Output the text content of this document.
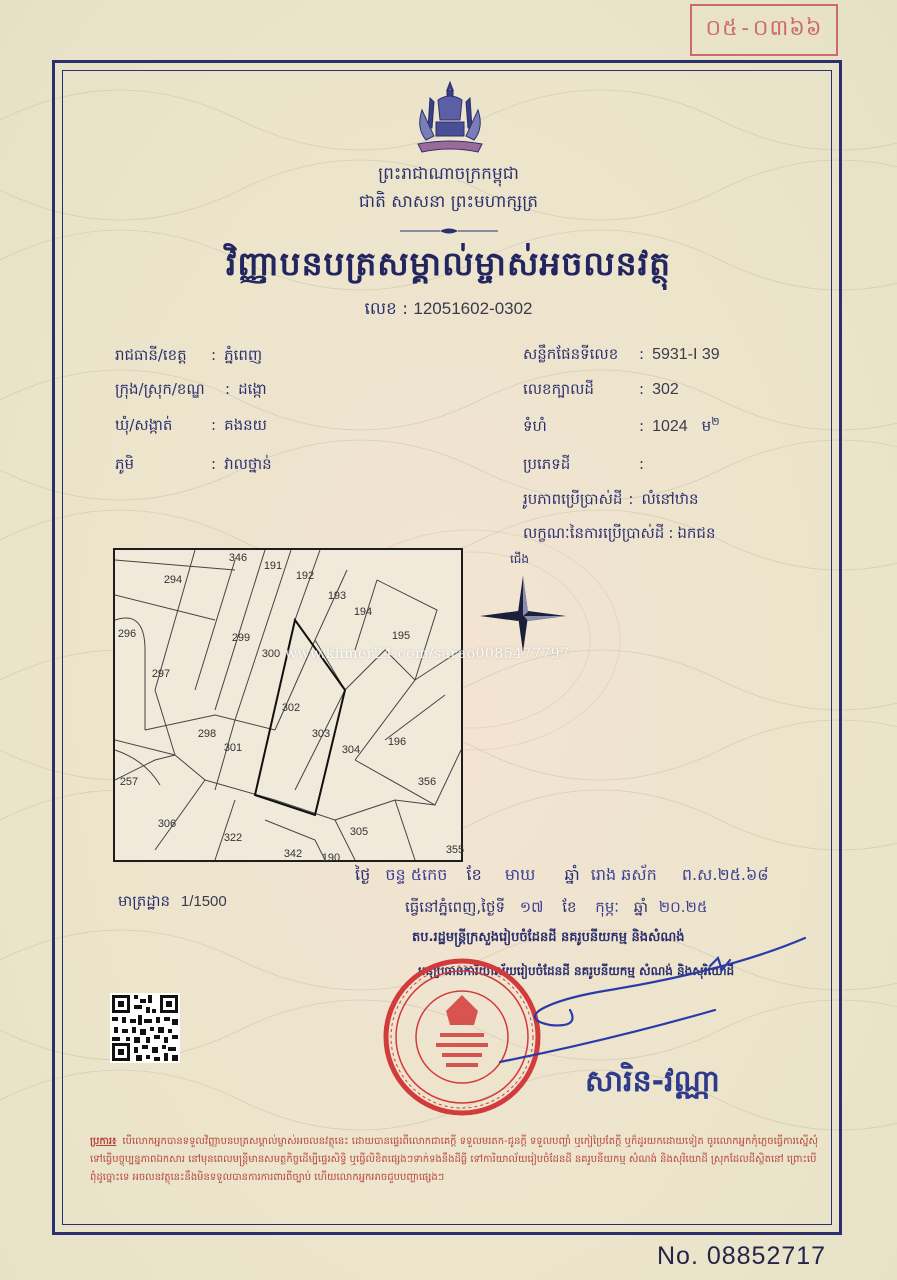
០៥-០៣៦៦
ព្រះរាជាណាចក្រកម្ពុជា
ជាតិ សាសនា ព្រះមហាក្សត្រ
វិញ្ញាបនបត្រសម្គាល់ម្ចាស់អចលនវត្ថុ
លេខ : 12051602-0302
រាជធានី/ខេត្ត : ភ្នំពេញ
ក្រុង/ស្រុក/ខណ្ឌ : ដង្កោ
ឃុំ/សង្កាត់	: គងនយ
ភូមិ	: វាលថ្នាន់
សន្លឹកផែនទីលេខ : 5931-I 39
លេខក្បាលដី	: 302
ទំហំ	: 1024 ម$^២$
ប្រភេទដី	:
រូបភាពប្រើប្រាស់ដី : លំនៅឋាន
លក្ខណៈនៃការប្រើប្រាស់ដី : ឯកជន
346
191
192
294
193
194
195
296	299
300
297
302
303
298
301	304
196
257	356
306
322	305
342 190
355
ជើង
www.khmer24.com/sarao0085477797
មាត្រដ្ឋាន 1/1500
ថ្ងៃ ចន្ទ ៥កេច ខែ មាឃ ឆ្នាំ រោង ឆស័ក ព.ស.២៥.៦៨
ធ្វើនៅភ្នំពេញ,ថ្ងៃទី ១៧ ខែ កុម្ភៈ ឆ្នាំ ២០.២៥
តប.រដ្ឋមន្ត្រីក្រសួងរៀបចំដែនដី នគរូបនីយកម្ម និងសំណង់
អនុប្រធានការិយាល័យរៀបចំដែនដី នគរូបនីយកម្ម សំណង់ និងសុរិយោដី
សារិន-វណ្ណា
ប្រការ៖ បើលោកអ្នកបានទទួលវិញ្ញាបនបត្រសម្គាល់ម្ចាស់អចលនវត្ថុនេះ ដោយបានផ្ទេរពីលោកជាគេក្តី ទទួលមរតក-ជូនក្តី ទទួលបញ្ចាំ ឬកៀប្រៃតែក្តី ឬក៏ដូរយកដោយទៀត ចូរលោកអ្នកកុំភ្លេចធ្វើការស្នើសុំទៅធ្វើបច្ចុប្បន្នភាពឯកសារ នៅមុនពេលមន្ត្រីមានសមត្ថកិច្ចដើម្បីផ្ទេរសិទ្ធិ ឬធ្វើលិខិតផ្សេងៗទាក់ទងនឹងដីធ្លី ទៅការិយាល័យរៀបចំដែនដី នគរូបនីយកម្ម សំណង់ និងសុរិយោដី ស្រុកដែលដីស្ថិតនៅ ព្រោះបើពុំដូច្នោះទេ អចលនវត្ថុនេះនឹងមិនទទួលបានការការពារពីច្បាប់ ហើយលោកអ្នកអាចជួបបញ្ហាផ្សេងៗ
No. 08852717
